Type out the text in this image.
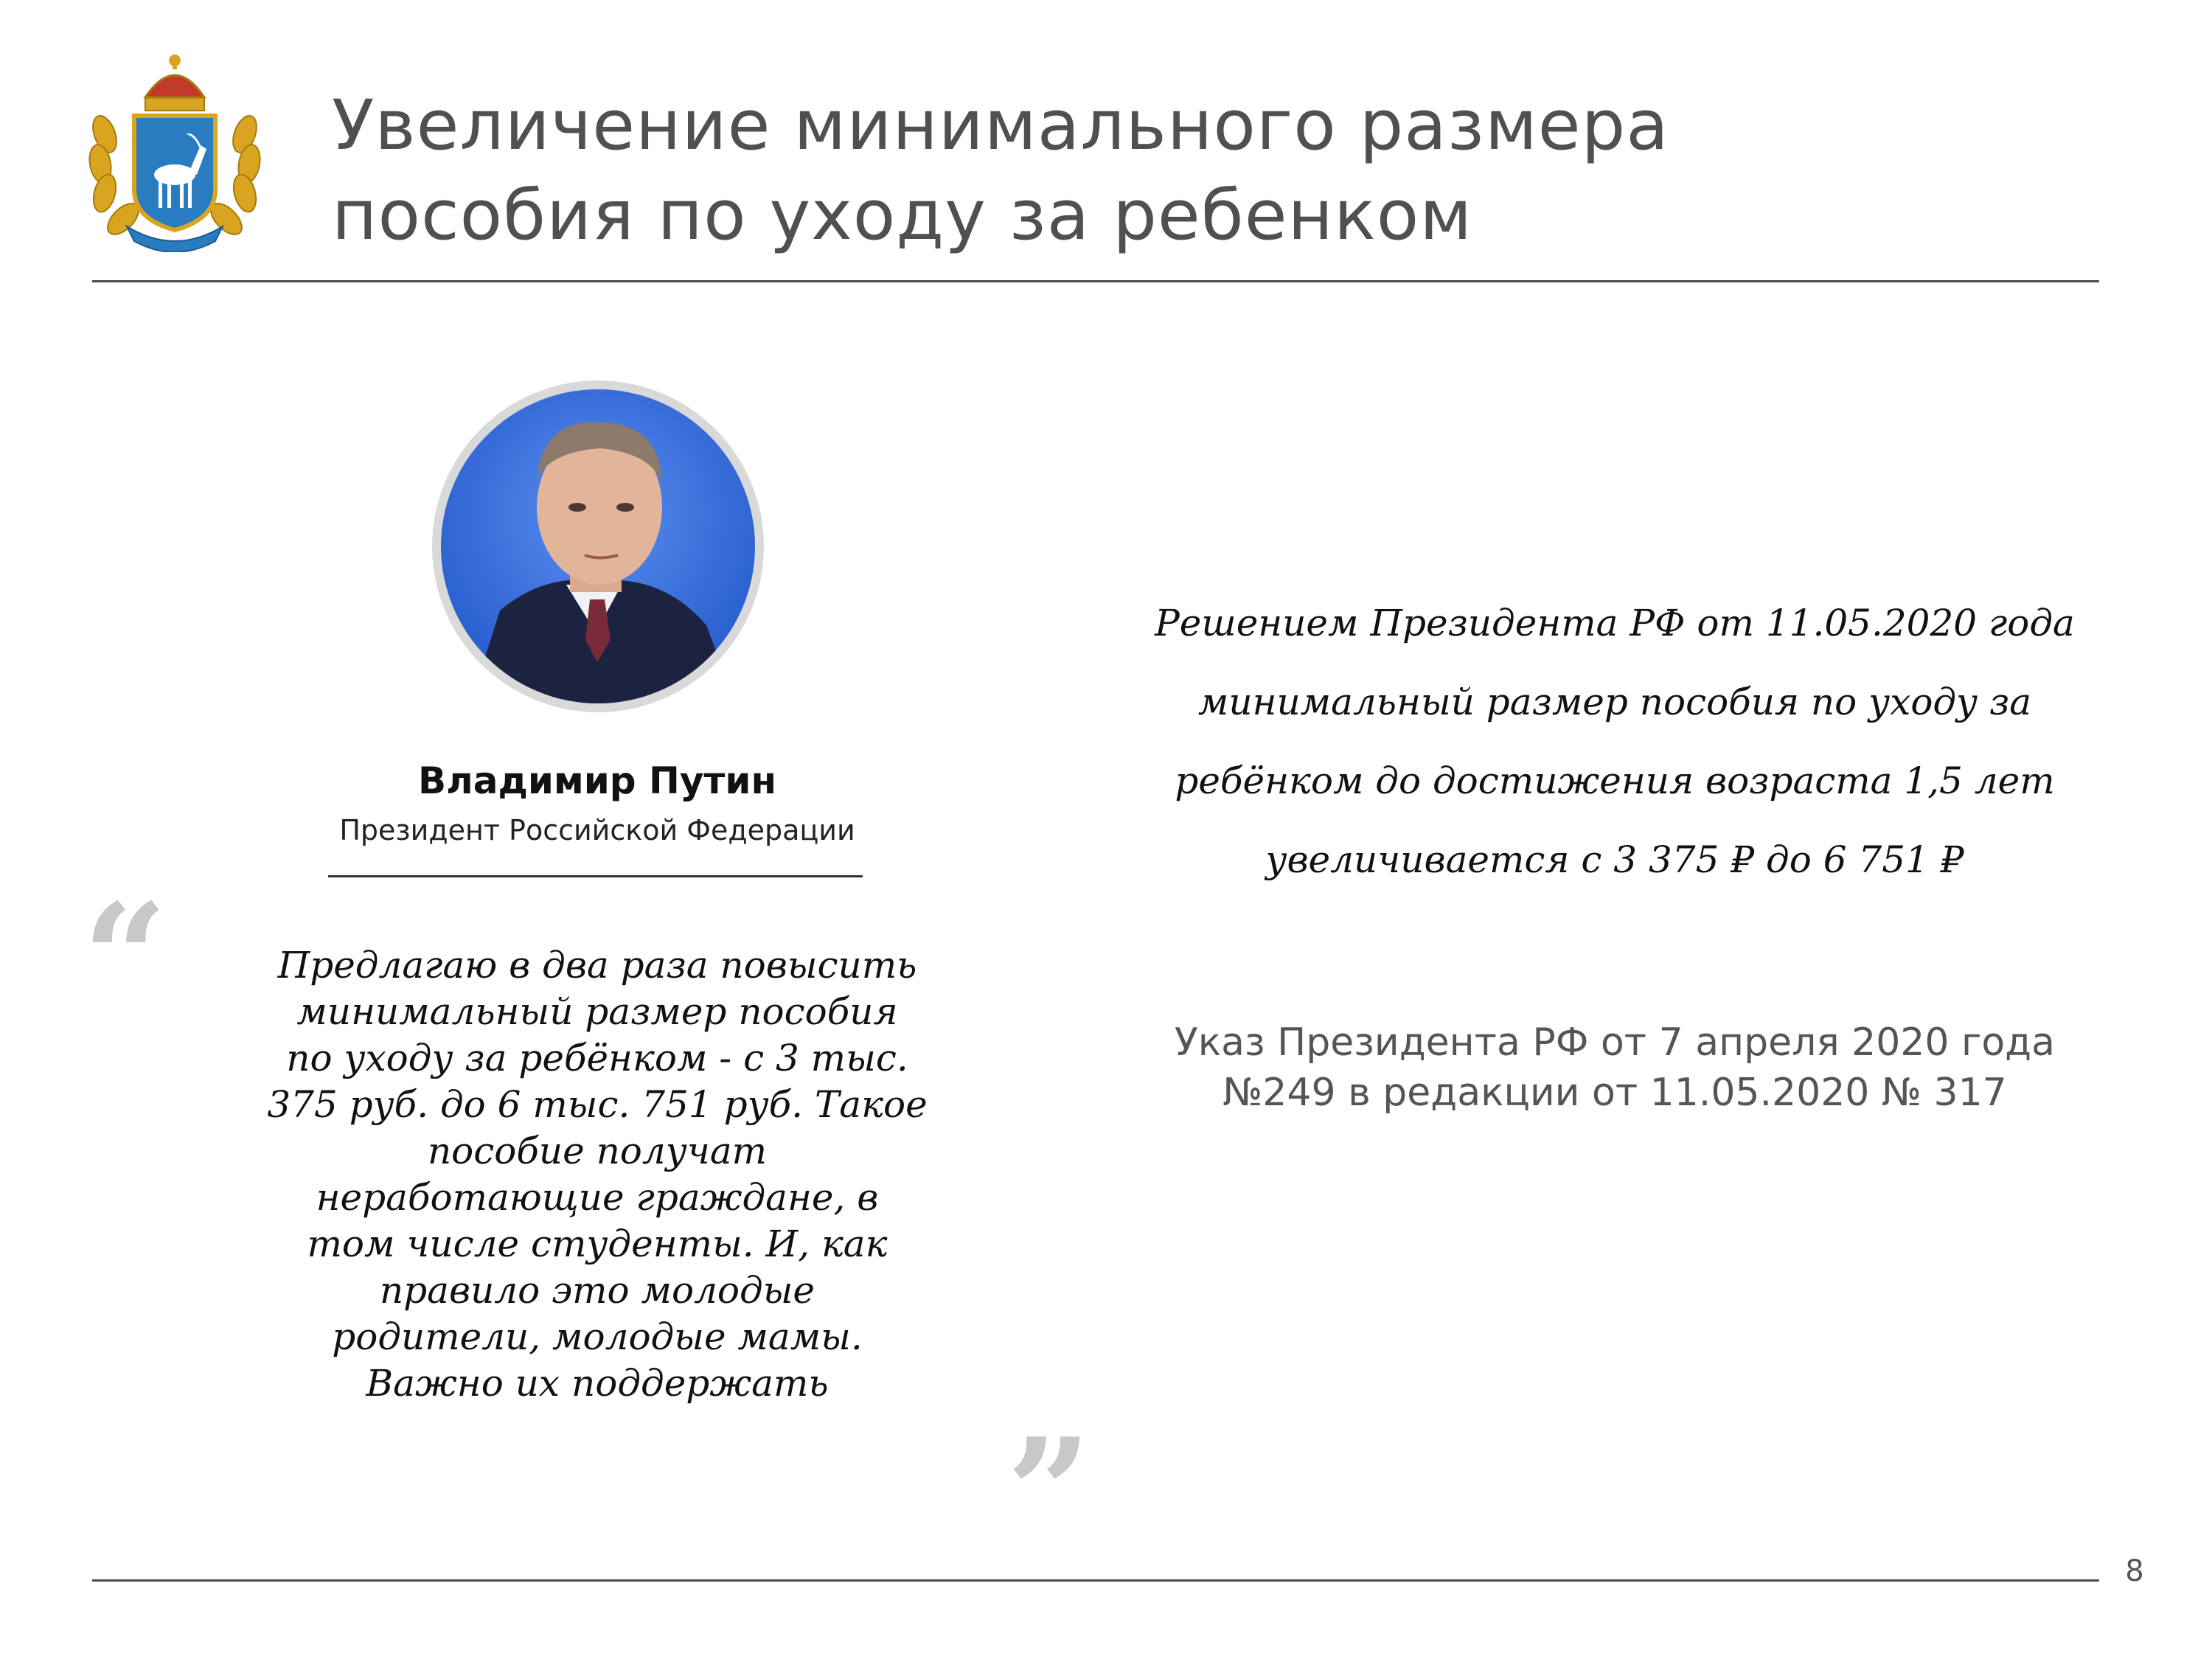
Увеличение минимального размера
пособия по уходу за ребенком
Владимир Путин
Президент Российской Федерации
“	Предлагаю в два раза повысить
минимальный размер пособия
по уходу за ребёнком - с 3 тыс.
375 руб. до 6 тыс. 751 руб. Такое
пособие получат
неработающие граждане, в
том числе студенты. И, как
правило это молодые
родители, молодые мамы.
Важно их поддержать
”
Решением Президента РФ от 11.05.2020 года
минимальный размер пособия по уходу за
ребёнком до достижения возраста 1,5 лет
увеличивается с 3 375 ₽ до 6 751 ₽
Указ Президента РФ от 7 апреля 2020 года
№249 в редакции от 11.05.2020 № 317
8
